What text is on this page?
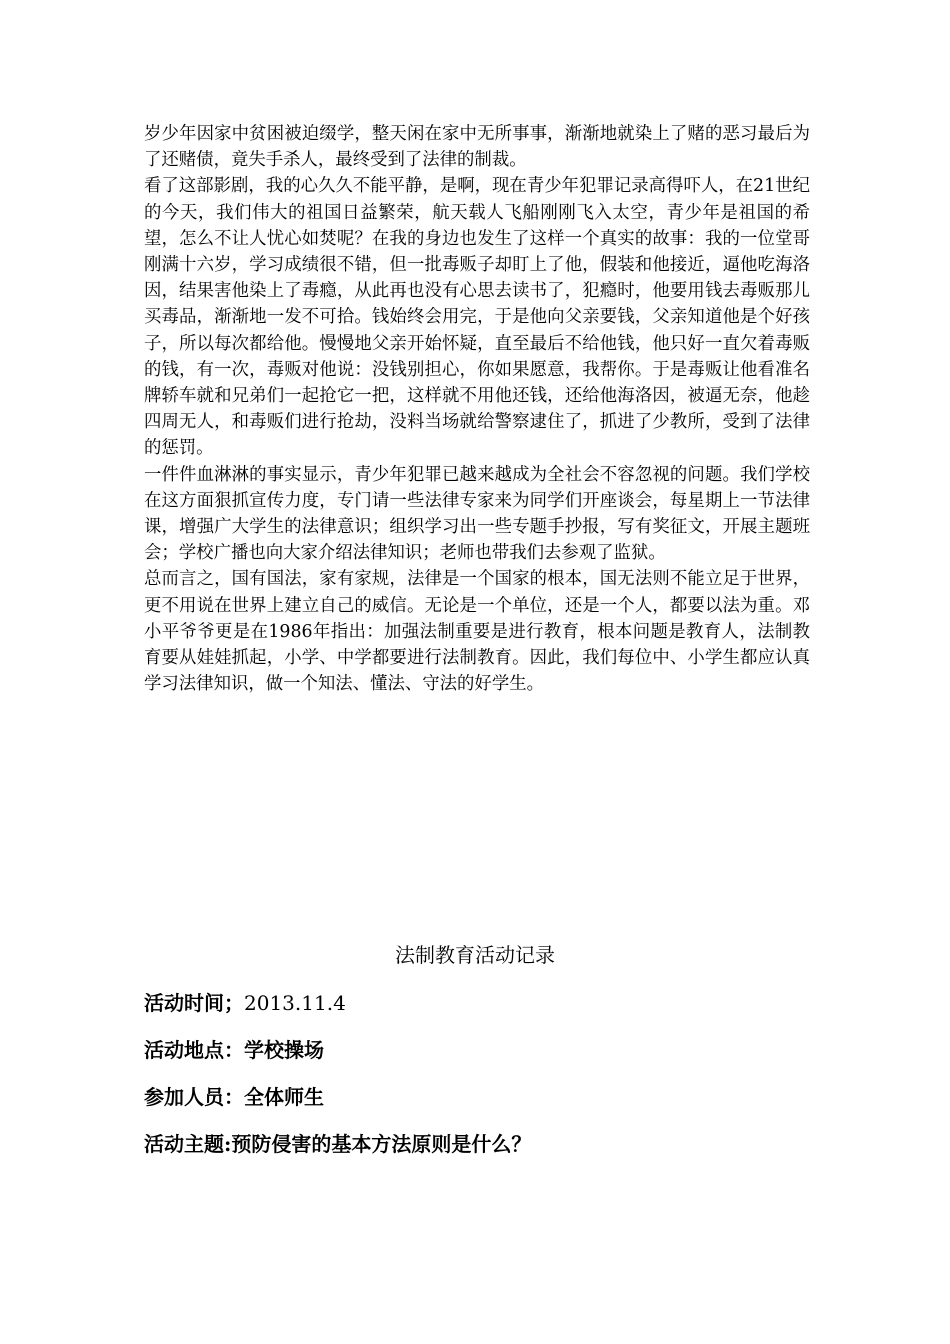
岁少年因家中贫困被迫缀学，整天闲在家中无所事事，渐渐地就染上了赌的恶习最后为了还赌债，竟失手杀人，最终受到了法律的制裁。

看了这部影剧，我的心久久不能平静，是啊，现在青少年犯罪记录高得吓人，在21世纪的今天，我们伟大的祖国日益繁荣，航天载人飞船刚刚飞入太空，青少年是祖国的希望，怎么不让人忧心如焚呢？在我的身边也发生了这样一个真实的故事：我的一位堂哥刚满十六岁，学习成绩很不错，但一批毒贩子却盯上了他，假装和他接近，逼他吃海洛因，结果害他染上了毒瘾，从此再也没有心思去读书了，犯瘾时，他要用钱去毒贩那儿买毒品，渐渐地一发不可拾。钱始终会用完，于是他向父亲要钱，父亲知道他是个好孩子，所以每次都给他。慢慢地父亲开始怀疑，直至最后不给他钱，他只好一直欠着毒贩的钱，有一次，毒贩对他说：没钱别担心，你如果愿意，我帮你。于是毒贩让他看准名牌轿车就和兄弟们一起抢它一把，这样就不用他还钱，还给他海洛因，被逼无奈，他趁四周无人，和毒贩们进行抢劫，没料当场就给警察逮住了，抓进了少教所，受到了法律的惩罚。

一件件血淋淋的事实显示，青少年犯罪已越来越成为全社会不容忽视的问题。我们学校在这方面狠抓宣传力度，专门请一些法律专家来为同学们开座谈会，每星期上一节法律课，增强广大学生的法律意识；组织学习出一些专题手抄报，写有奖征文，开展主题班会；学校广播也向大家介绍法律知识；老师也带我们去参观了监狱。

总而言之，国有国法，家有家规，法律是一个国家的根本，国无法则不能立足于世界，更不用说在世界上建立自己的威信。无论是一个单位，还是一个人，都要以法为重。邓小平爷爷更是在1986年指出：加强法制重要是进行教育，根本问题是教育人，法制教育要从娃娃抓起，小学、中学都要进行法制教育。因此，我们每位中、小学生都应认真学习法律知识，做一个知法、懂法、守法的好学生。

法制教育活动记录

活动时间；2013.11.4

活动地点：学校操场

参加人员：全体师生

活动主题:预防侵害的基本方法原则是什么？
